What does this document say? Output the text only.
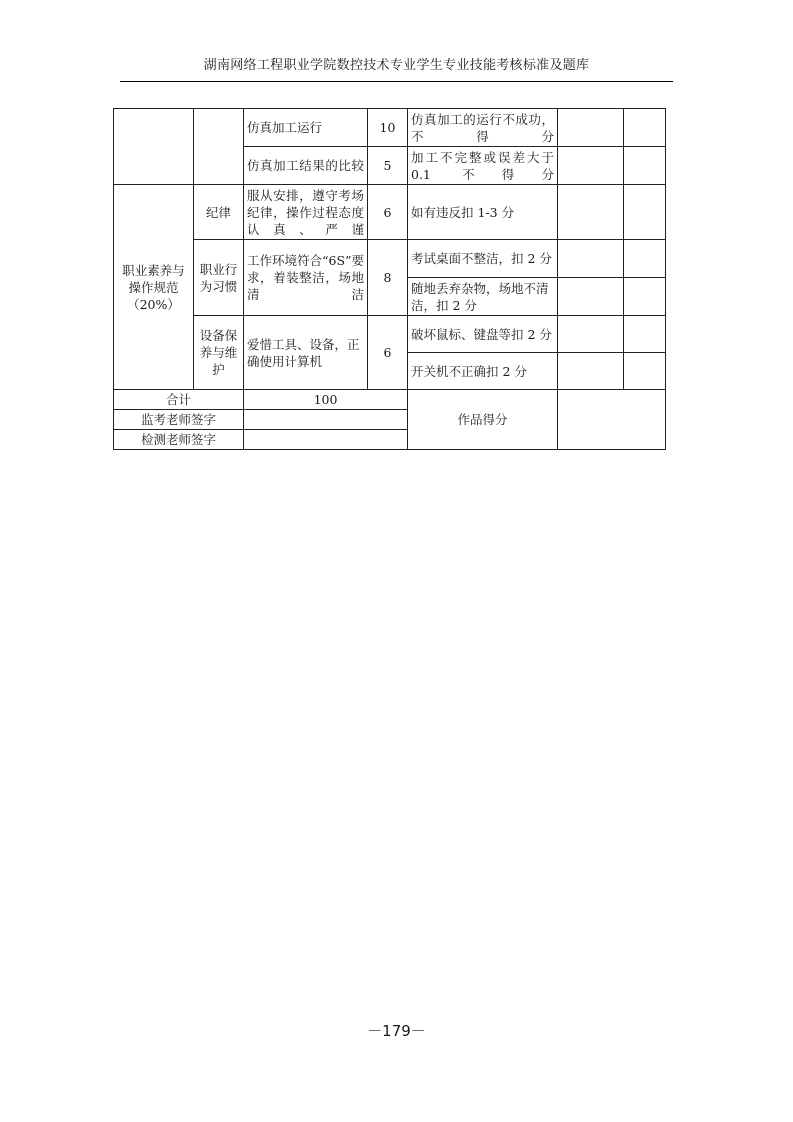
湖南网络工程职业学院数控技术专业学生专业技能考核标准及题库
		仿真加工运行	10	仿真加工的运行不成功，不得分		
		仿真加工结果的比较	5	加工不完整或误差大于 0.1 不得分		
职业素养与操作规范（20%）	纪律	服从安排，遵守考场纪律，操作过程态度认真、严谨	6	如有违反扣 1-3 分		
	职业行为习惯	工作环境符合“6S”要求，着装整洁，场地清洁	8	考试桌面不整洁，扣 2 分		
				随地丢弃杂物，场地不清洁，扣 2 分		
	设备保养与维护	爱惜工具、设备，正确使用计算机	6	破坏鼠标、键盘等扣 2 分		
				开关机不正确扣 2 分		
合计		100		作品得分		
监考老师签字						
检测老师签字						
－179－
